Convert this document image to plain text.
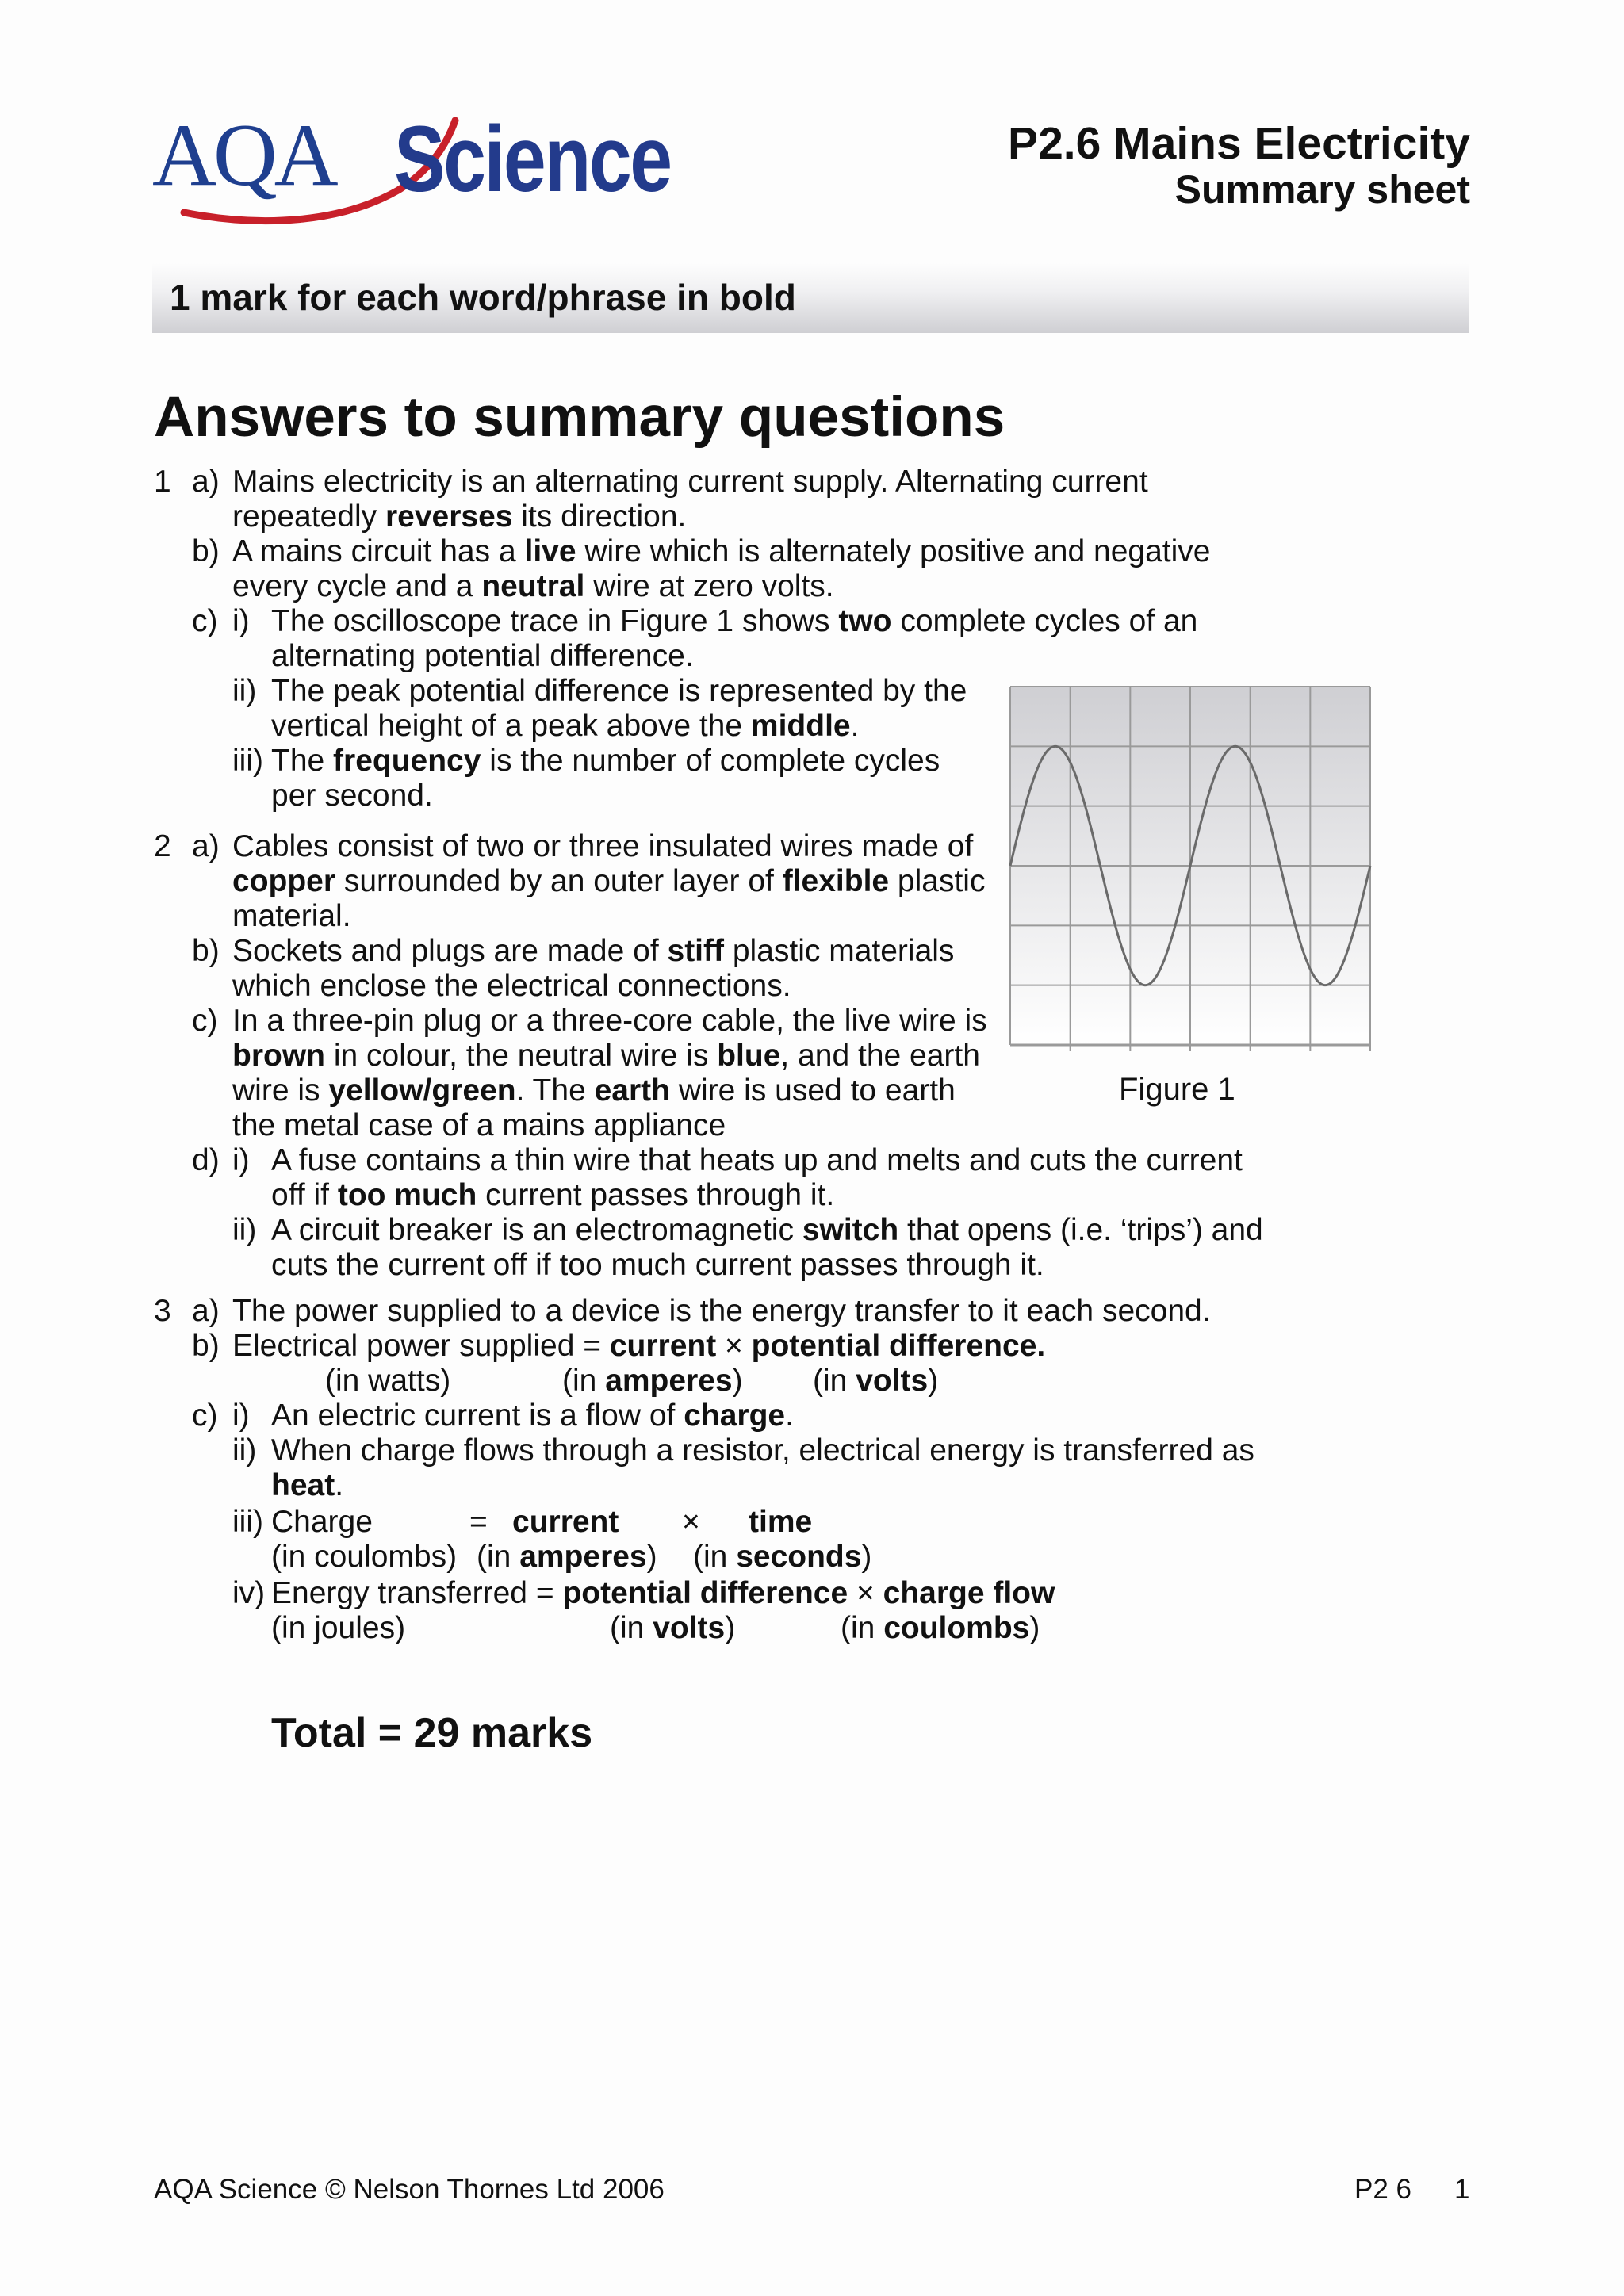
AQA Science	P2.6 Mains Electricity
Summary sheet
1 mark for each word/phrase in bold
Answers to summary questions
1 a) Mains electricity is an alternating current supply. Alternating current
repeatedly reverses its direction.
b) A mains circuit has a live wire which is alternately positive and negative
every cycle and a neutral wire at zero volts.
c) i) The oscilloscope trace in Figure 1 shows two complete cycles of an
alternating potential difference.
ii) The peak potential difference is represented by the
vertical height of a peak above the middle.
iii) The frequency is the number of complete cycles
per second.
2 a) Cables consist of two or three insulated wires made of
copper surrounded by an outer layer of flexible plastic
material.
b) Sockets and plugs are made of stiff plastic materials
which enclose the electrical connections.
c) In a three-pin plug or a three-core cable, the live wire is
brown in colour, the neutral wire is blue, and the earth
wire is yellow/green. The earth wire is used to earth
the metal case of a mains appliance
d) i) A fuse contains a thin wire that heats up and melts and cuts the current
off if too much current passes through it.
ii) A circuit breaker is an electromagnetic switch that opens (i.e. ‘trips’) and
cuts the current off if too much current passes through it.
3 a) The power supplied to a device is the energy transfer to it each second.
b) Electrical power supplied = current × potential difference.
(in watts)	(in amperes) (in volts)
c) i) An electric current is a flow of charge.
ii) When charge flows through a resistor, electrical energy is transferred as
heat.
iii) Charge	= current × time
(in coulombs) (in amperes) (in seconds)
iv) Energy transferred = potential difference × charge flow
(in joules)	(in volts)	(in coulombs)
Figure 1
Total = 29 marks
AQA Science © Nelson Thornes Ltd 2006	P2 6 1
